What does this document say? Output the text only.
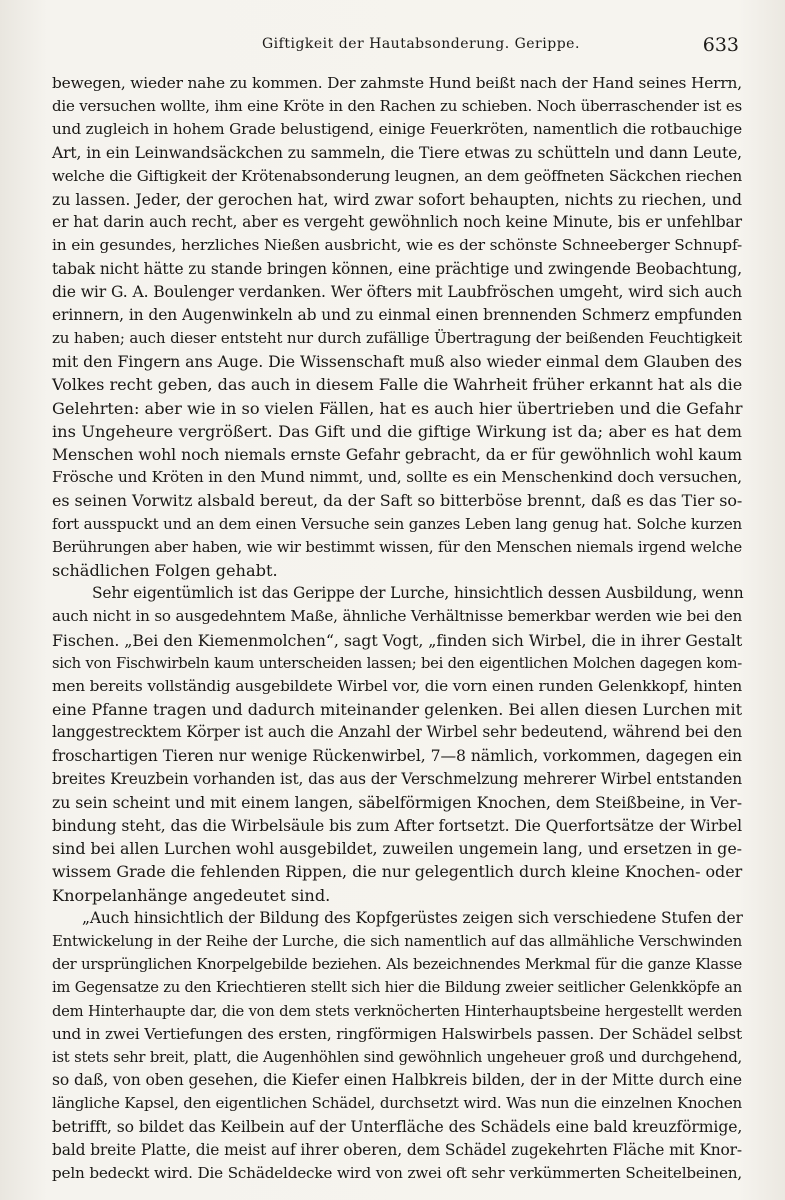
Giftigkeit der Hautabsonderung. Gerippe.	633
bewegen, wieder nahe zu kommen. Der zahmste Hund beißt nach der Hand seines Herrn,
die versuchen wollte, ihm eine Kröte in den Rachen zu schieben. Noch überraschender ist es
und zugleich in hohem Grade belustigend, einige Feuerkröten, namentlich die rotbauchige
Art, in ein Leinwandsäckchen zu sammeln, die Tiere etwas zu schütteln und dann Leute,
welche die Giftigkeit der Krötenabsonderung leugnen, an dem geöffneten Säckchen riechen
zu lassen. Jeder, der gerochen hat, wird zwar sofort behaupten, nichts zu riechen, und
er hat darin auch recht, aber es vergeht gewöhnlich noch keine Minute, bis er unfehlbar
in ein gesundes, herzliches Nießen ausbricht, wie es der schönste Schneeberger Schnupf-
tabak nicht hätte zu stande bringen können, eine prächtige und zwingende Beobachtung,
die wir G. A. Boulenger verdanken. Wer öfters mit Laubfröschen umgeht, wird sich auch
erinnern, in den Augenwinkeln ab und zu einmal einen brennenden Schmerz empfunden
zu haben; auch dieser entsteht nur durch zufällige Übertragung der beißenden Feuchtigkeit
mit den Fingern ans Auge. Die Wissenschaft muß also wieder einmal dem Glauben des
Volkes recht geben, das auch in diesem Falle die Wahrheit früher erkannt hat als die
Gelehrten: aber wie in so vielen Fällen, hat es auch hier übertrieben und die Gefahr
ins Ungeheure vergrößert. Das Gift und die giftige Wirkung ist da; aber es hat dem
Menschen wohl noch niemals ernste Gefahr gebracht, da er für gewöhnlich wohl kaum
Frösche und Kröten in den Mund nimmt, und, sollte es ein Menschenkind doch versuchen,
es seinen Vorwitz alsbald bereut, da der Saft so bitterböse brennt, daß es das Tier so-
fort ausspuckt und an dem einen Versuche sein ganzes Leben lang genug hat. Solche kurzen
Berührungen aber haben, wie wir bestimmt wissen, für den Menschen niemals irgend welche
schädlichen Folgen gehabt.
Sehr eigentümlich ist das Gerippe der Lurche, hinsichtlich dessen Ausbildung, wenn
auch nicht in so ausgedehntem Maße, ähnliche Verhältnisse bemerkbar werden wie bei den
Fischen. „Bei den Kiemenmolchen“, sagt Vogt, „finden sich Wirbel, die in ihrer Gestalt
sich von Fischwirbeln kaum unterscheiden lassen; bei den eigentlichen Molchen dagegen kom-
men bereits vollständig ausgebildete Wirbel vor, die vorn einen runden Gelenkkopf, hinten
eine Pfanne tragen und dadurch miteinander gelenken. Bei allen diesen Lurchen mit
langgestrecktem Körper ist auch die Anzahl der Wirbel sehr bedeutend, während bei den
froschartigen Tieren nur wenige Rückenwirbel, 7—8 nämlich, vorkommen, dagegen ein
breites Kreuzbein vorhanden ist, das aus der Verschmelzung mehrerer Wirbel entstanden
zu sein scheint und mit einem langen, säbelförmigen Knochen, dem Steißbeine, in Ver-
bindung steht, das die Wirbelsäule bis zum After fortsetzt. Die Querfortsätze der Wirbel
sind bei allen Lurchen wohl ausgebildet, zuweilen ungemein lang, und ersetzen in ge-
wissem Grade die fehlenden Rippen, die nur gelegentlich durch kleine Knochen- oder
Knorpelanhänge angedeutet sind.
„Auch hinsichtlich der Bildung des Kopfgerüstes zeigen sich verschiedene Stufen der
Entwickelung in der Reihe der Lurche, die sich namentlich auf das allmähliche Verschwinden
der ursprünglichen Knorpelgebilde beziehen. Als bezeichnendes Merkmal für die ganze Klasse
im Gegensatze zu den Kriechtieren stellt sich hier die Bildung zweier seitlicher Gelenkköpfe an
dem Hinterhaupte dar, die von dem stets verknöcherten Hinterhauptsbeine hergestellt werden
und in zwei Vertiefungen des ersten, ringförmigen Halswirbels passen. Der Schädel selbst
ist stets sehr breit, platt, die Augenhöhlen sind gewöhnlich ungeheuer groß und durchgehend,
so daß, von oben gesehen, die Kiefer einen Halbkreis bilden, der in der Mitte durch eine
längliche Kapsel, den eigentlichen Schädel, durchsetzt wird. Was nun die einzelnen Knochen
betrifft, so bildet das Keilbein auf der Unterfläche des Schädels eine bald kreuzförmige,
bald breite Platte, die meist auf ihrer oberen, dem Schädel zugekehrten Fläche mit Knor-
peln bedeckt wird. Die Schädeldecke wird von zwei oft sehr verkümmerten Scheitelbeinen,
